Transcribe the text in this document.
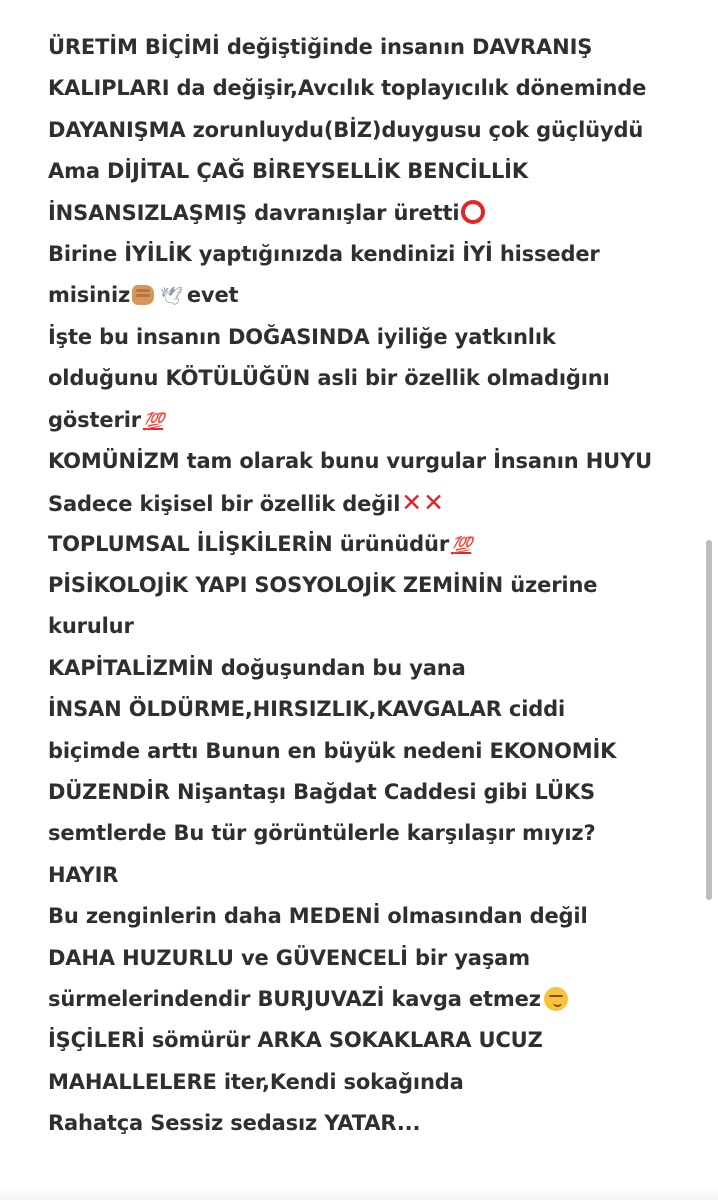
ÜRETİM BİÇİMİ değiştiğinde insanın DAVRANIŞ
KALIPLARI da değişir,Avcılık toplayıcılık döneminde
DAYANIŞMA zorunluydu(BİZ)duygusu çok güçlüydü
Ama DİJİTAL ÇAĞ BİREYSELLİK BENCİLLİK
İNSANSIZLAŞMIŞ davranışlar üretti
Birine İYİLİK yaptığınızda kendinizi İYİ hisseder
misiniz 🕊 evet
İşte bu insanın DOĞASINDA iyiliğe yatkınlık
olduğunu KÖTÜLÜĞÜN asli bir özellik olmadığını
gösterir 💯
KOMÜNİZM tam olarak bunu vurgular İnsanın HUYU
Sadece kişisel bir özellik değil✕✕
TOPLUMSAL İLİŞKİLERİN ürünüdür 💯
PİSİKOLOJİK YAPI SOSYOLOJİK ZEMİNİN üzerine
kurulur
KAPİTALİZMİN doğuşundan bu yana
İNSAN ÖLDÜRME,HIRSIZLIK,KAVGALAR ciddi
biçimde arttı Bunun en büyük nedeni EKONOMİK
DÜZENDİR Nişantaşı Bağdat Caddesi gibi LÜKS
semtlerde Bu tür görüntülerle karşılaşır mıyız?
HAYIR
Bu zenginlerin daha MEDENİ olmasından değil
DAHA HUZURLU ve GÜVENCELİ bir yaşam
sürmelerindendir BURJUVAZİ kavga etmez
İŞÇİLERİ sömürür ARKA SOKAKLARA UCUZ
MAHALLELERE iter,Kendi sokağında
Rahatça Sessiz sedasız YATAR...
